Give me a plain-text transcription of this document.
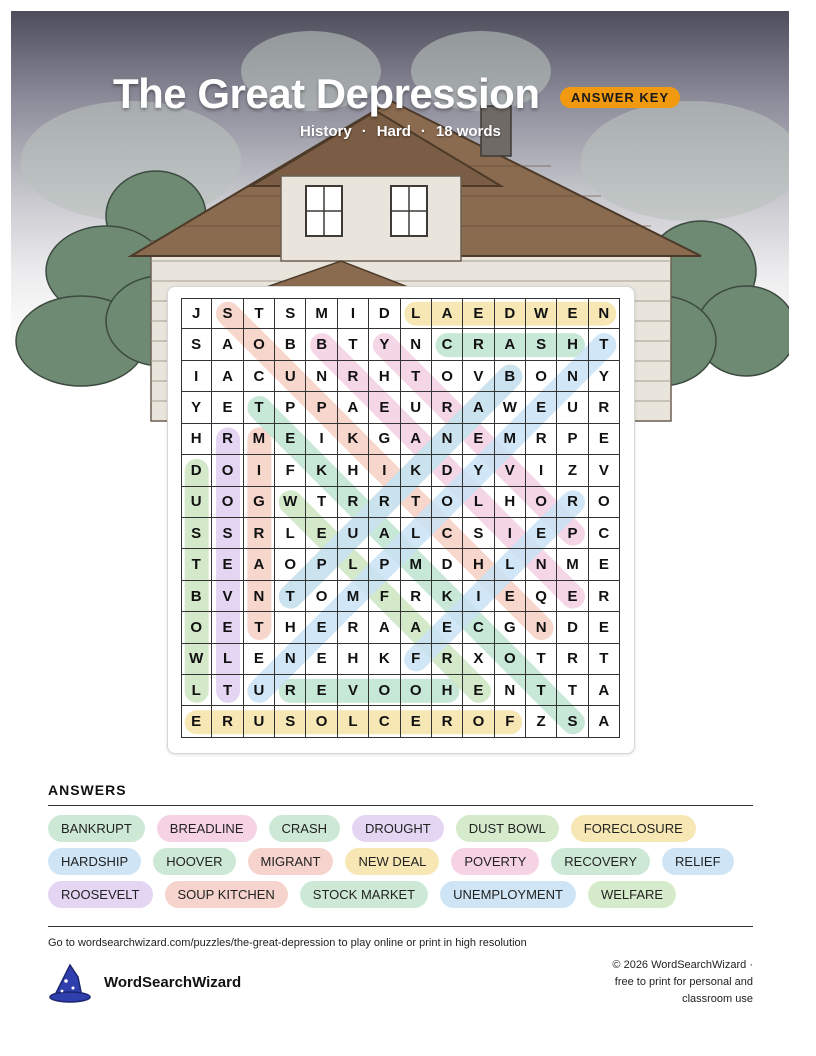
The Great Depression	ANSWER KEY
History · Hard · 18 words
J	S	T	S	M	I	D	L	A	E	D	W	E	N
S	A	O	B	B	T	Y	N	C	R	A	S	H	T
I	A	C	U	N	R	H	T	O	V	B	O	N	Y
Y	E	T	P	P	A	E	U	R	A	W	E	U	R
H	R	M	E	I	K	G	A	N	E	M	R	P	E
D	O	I	F	K	H	I	K	D	Y	V	I	Z	V
U	O	G	W	T	R	R	T	O	L	H	O	R	O
S	S	R	L	E	U	A	L	C	S	I	E	P	C
T	E	A	O	P	L	P	M	D	H	L	N	M	E
B	V	N	T	O	M	F	R	K	I	E	Q	E	R
O	E	T	H	E	R	A	A	E	C	G	N	D	E
W	L	E	N	E	H	K	F	R	X	O	T	R	T
L	T	U	R	E	V	O	O	H	E	N	T	T	A
E	R	U	S	O	L	C	E	R	O	F	Z	S	A
ANSWERS
BANKRUPT	BREADLINE	CRASH	DROUGHT	DUST BOWL	FORECLOSURE
HARDSHIP	HOOVER	MIGRANT	NEW DEAL	POVERTY	RECOVERY	RELIEF
ROOSEVELT	SOUP KITCHEN	STOCK MARKET	UNEMPLOYMENT	WELFARE
Go to wordsearchwizard.com/puzzles/the-great-depression to play online or print in high resolution
WordSearchWizard
© 2026 WordSearchWizard · free to print for personal and classroom use
